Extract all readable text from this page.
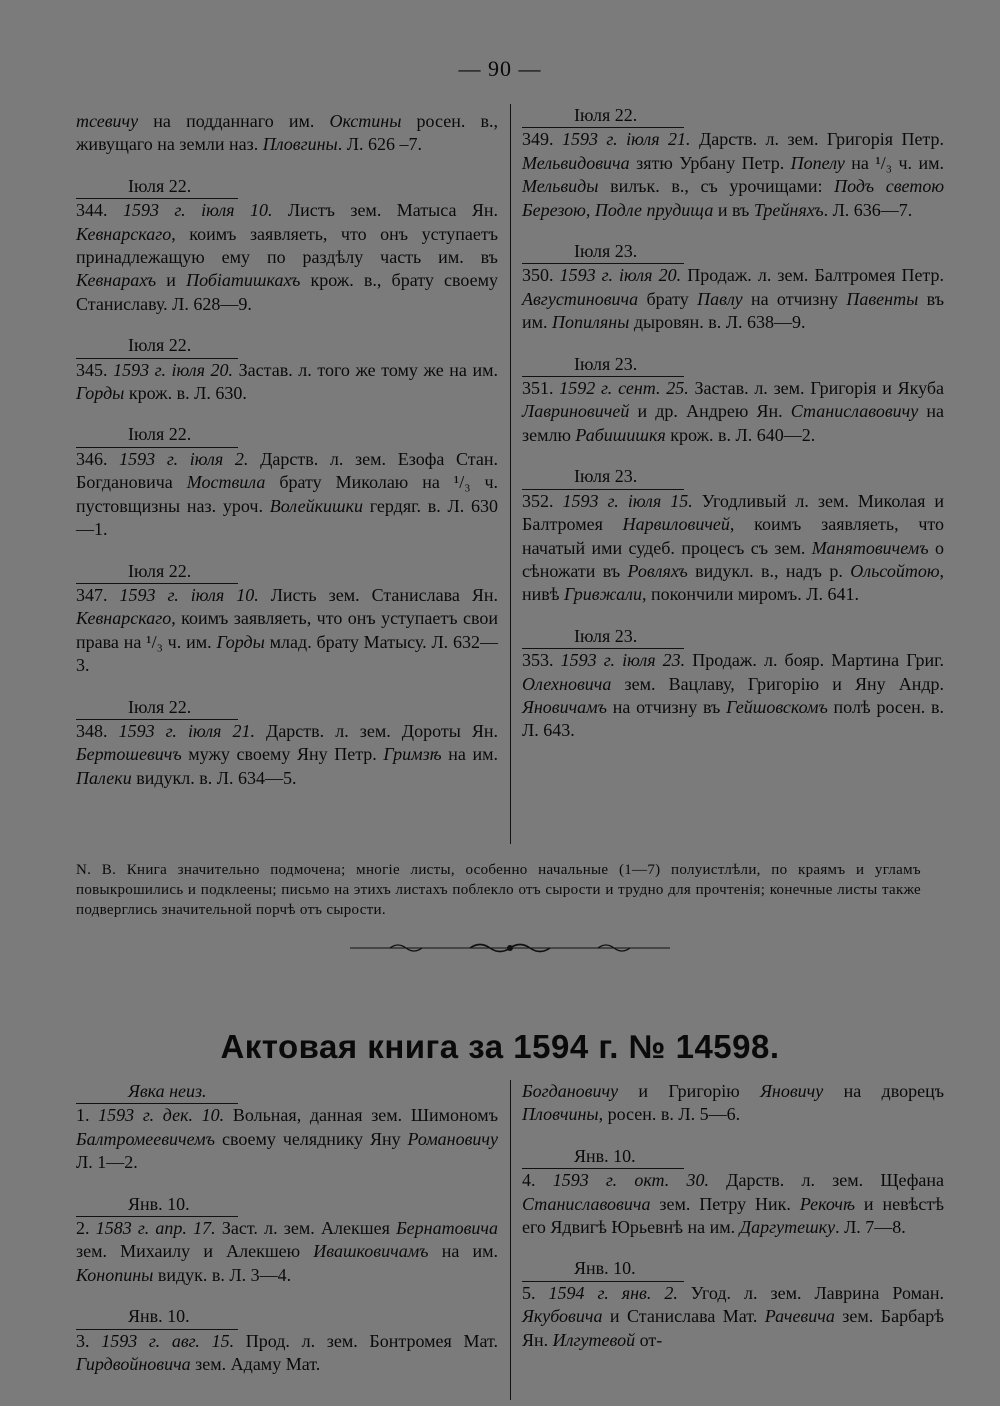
— 90 —

тсевичу на подданнаго им. Окстины росен. в., живущаго на земли наз. Пловгины. Л. 626 –7.

Іюля 22.

344. 1593 г. іюля 10. Листъ зем. Матыса Ян. Кевнарскаго, коимъ заявляеть, что онъ уступаетъ принадлежащую ему по раздѣлу часть им. въ Кевнарахъ и Побіатишкахъ крож. в., брату своему Станиславу. Л. 628—9.

Іюля 22.

345. 1593 г. іюля 20. Застав. л. того же тому же на им. Горды крож. в. Л. 630.

Іюля 22.

346. 1593 г. іюля 2. Дарств. л. зем. Езофа Стан. Богдановича Моствила брату Миколаю на ¹/₃ ч. пустовщизны наз. уроч. Волейкишки гердяг. в. Л. 630—1.

Іюля 22.

347. 1593 г. іюля 10. Листь зем. Станислава Ян. Кевнарскаго, коимъ заявляеть, что онъ уступаетъ свои права на ¹/₃ ч. им. Горды млад. брату Матысу. Л. 632—3.

Іюля 22.

348. 1593 г. іюля 21. Дарств. л. зем. Дороты Ян. Бертошевичъ мужу своему Яну Петр. Гримзѣ на им. Палеки видукл. в. Л. 634—5.

Іюля 22.

349. 1593 г. іюля 21. Дарств. л. зем. Григорія Петр. Мельвидовича зятю Урбану Петр. Попелу на ¹/₃ ч. им. Мельвиды вилък. в., съ урочищами: Подъ светою Березою, Подле прудища и въ Трейняхъ. Л. 636—7.

Іюля 23.

350. 1593 г. іюля 20. Продаж. л. зем. Балтромея Петр. Августиновича брату Павлу на отчизну Павенты въ им. Попиляны дыровян. в. Л. 638—9.

Іюля 23.

351. 1592 г. сент. 25. Застав. л. зем. Григорія и Якуба Лавриновичей и др. Андрею Ян. Станиславовичу на землю Рабишишкя крож. в. Л. 640—2.

Іюля 23.

352. 1593 г. іюля 15. Угодливый л. зем. Миколая и Балтромея Нарвиловичей, коимъ заявляеть, что начатый ими судеб. процесъ съ зем. Манятовичемъ о сѣножати въ Ровляхъ видукл. в., надъ р. Ольсойтою, нивѣ Гривжали, покончили миромъ. Л. 641.

Іюля 23.

353. 1593 г. іюля 23. Продаж. л. бояр. Мартина Григ. Олехновича зем. Вацлаву, Григорію и Яну Андр. Яновичамъ на отчизну въ Гейшовскомъ полѣ росен. в. Л. 643.

N. B. Книга значительно подмочена; многіе листы, особенно начальные (1—7) полуистлѣли, по краямъ и угламъ повыкрошились и подклеены; письмо на этихъ листахъ поблекло отъ сырости и трудно для прочтенія; конечные листы также подверглись значительной порчѣ отъ сырости.
Актовая книга за 1594 г. № 14598.
Явка неиз.

1. 1593 г. дек. 10. Вольная, данная зем. Шимономъ Балтромеевичемъ своему челяднику Яну Романовичу Л. 1—2.

Янв. 10.

2. 1583 г. апр. 17. Заст. л. зем. Алекшея Бернатовича зем. Михаилу и Алекшею Ивашковичамъ на им. Конопины видук. в. Л. 3—4.

Янв. 10.

3. 1593 г. авг. 15. Прод. л. зем. Бонтромея Мат. Гирдвойновича зем. Адаму Мат.

Богдановичу и Григорію Яновичу на дворецъ Пловчины, росен. в. Л. 5—6.

Янв. 10.

4. 1593 г. окт. 30. Дарств. л. зем. Щефана Станиславовича зем. Петру Ник. Рекочѣ и невѣстѣ его Ядвигѣ Юрьевнѣ на им. Даргутешку. Л. 7—8.

Янв. 10.

5. 1594 г. янв. 2. Угод. л. зем. Лаврина Роман. Якубовича и Станислава Мат. Рачевича зем. Барбарѣ Ян. Илгутевой от-
